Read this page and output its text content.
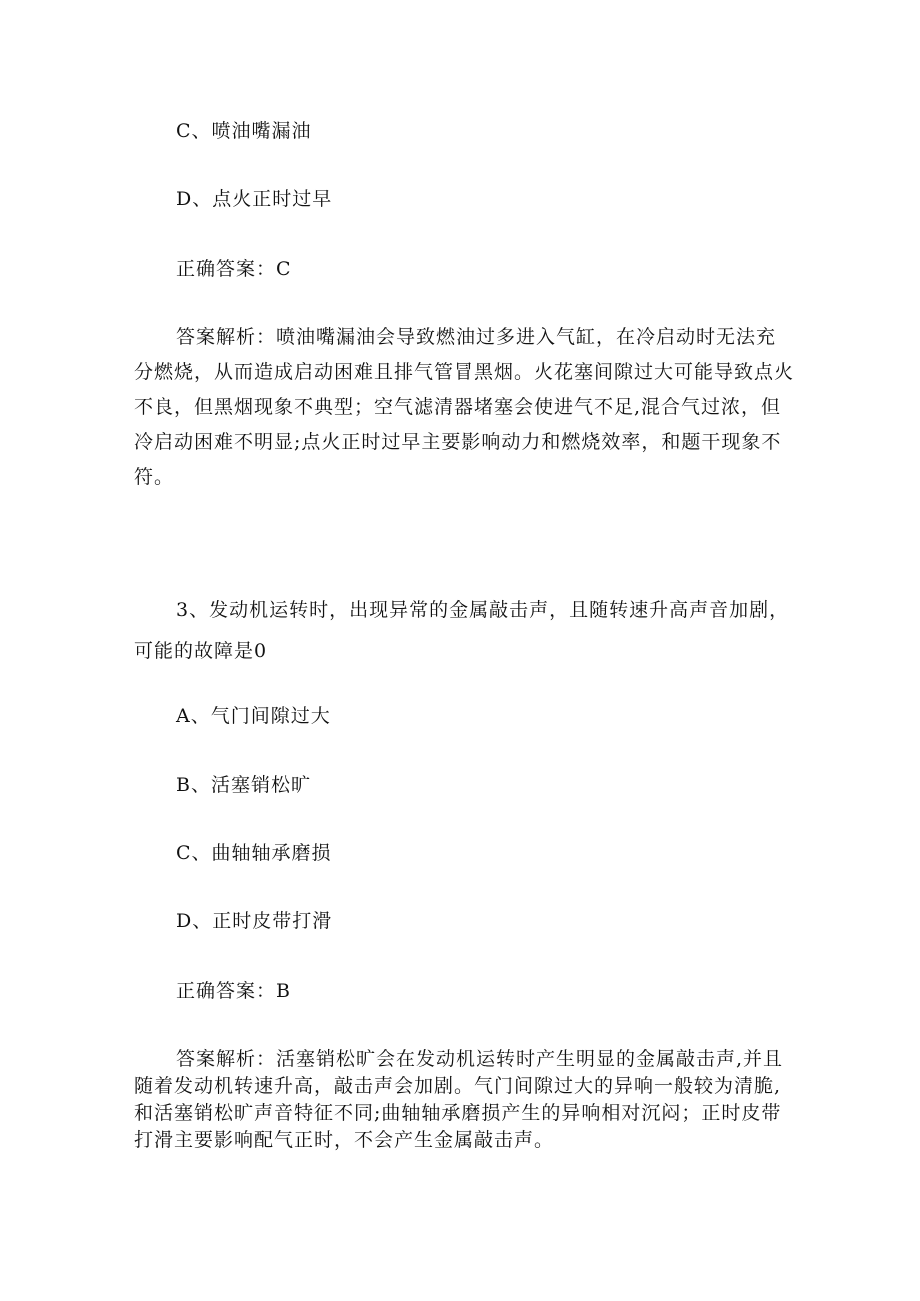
C、喷油嘴漏油
D、点火正时过早
正确答案：C
答案解析：喷油嘴漏油会导致燃油过多进入气缸，在冷启动时无法充
分燃烧，从而造成启动困难且排气管冒黑烟。火花塞间隙过大可能导致点火
不良，但黑烟现象不典型；空气滤清器堵塞会使进气不足,混合气过浓，但
冷启动困难不明显;点火正时过早主要影响动力和燃烧效率，和题干现象不
符。
3、发动机运转时，出现异常的金属敲击声，且随转速升高声音加剧，
可能的故障是0
A、气门间隙过大
B、活塞销松旷
C、曲轴轴承磨损
D、正时皮带打滑
正确答案：B
答案解析：活塞销松旷会在发动机运转时产生明显的金属敲击声,并且
随着发动机转速升高，敲击声会加剧。气门间隙过大的异响一般较为清脆,
和活塞销松旷声音特征不同;曲轴轴承磨损产生的异响相对沉闷；正时皮带
打滑主要影响配气正时，不会产生金属敲击声。
